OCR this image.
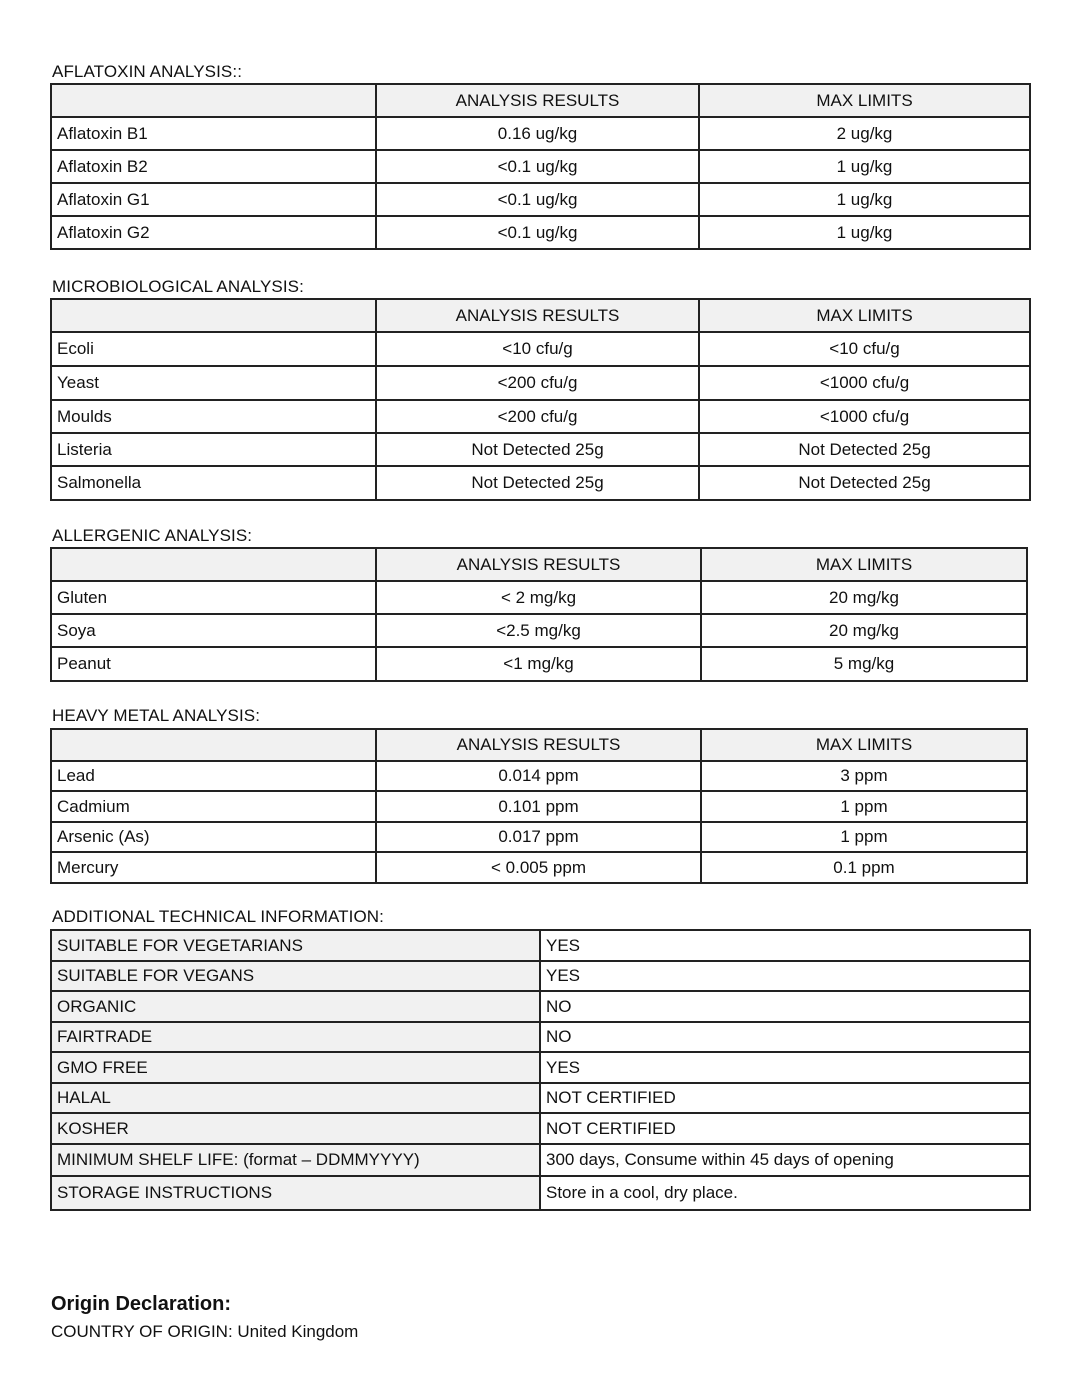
AFLATOXIN ANALYSIS::
	ANALYSIS RESULTS	MAX LIMITS
Aflatoxin B1	0.16 ug/kg	2 ug/kg
Aflatoxin B2	<0.1 ug/kg	1 ug/kg
Aflatoxin G1	<0.1 ug/kg	1 ug/kg
Aflatoxin G2	<0.1 ug/kg	1 ug/kg
MICROBIOLOGICAL ANALYSIS:
	ANALYSIS RESULTS	MAX LIMITS
Ecoli	<10 cfu/g	<10 cfu/g
Yeast	<200 cfu/g	<1000 cfu/g
Moulds	<200 cfu/g	<1000 cfu/g
Listeria	Not Detected 25g	Not Detected 25g
Salmonella	Not Detected 25g	Not Detected 25g
ALLERGENIC ANALYSIS:
	ANALYSIS RESULTS	MAX LIMITS
Gluten	< 2 mg/kg	20 mg/kg
Soya	<2.5 mg/kg	20 mg/kg
Peanut	<1 mg/kg	5 mg/kg
HEAVY METAL ANALYSIS:
	ANALYSIS RESULTS	MAX LIMITS
Lead	0.014 ppm	3 ppm
Cadmium	0.101 ppm	1 ppm
Arsenic (As)	0.017 ppm	1 ppm
Mercury	< 0.005 ppm	0.1 ppm
ADDITIONAL TECHNICAL INFORMATION:
SUITABLE FOR VEGETARIANS	YES
SUITABLE FOR VEGANS	YES
ORGANIC	NO
FAIRTRADE	NO
GMO FREE	YES
HALAL	NOT CERTIFIED
KOSHER	NOT CERTIFIED
MINIMUM SHELF LIFE: (format – DDMMYYYY)	300 days, Consume within 45 days of opening
STORAGE INSTRUCTIONS	Store in a cool, dry place.
Origin Declaration:
COUNTRY OF ORIGIN: United Kingdom
